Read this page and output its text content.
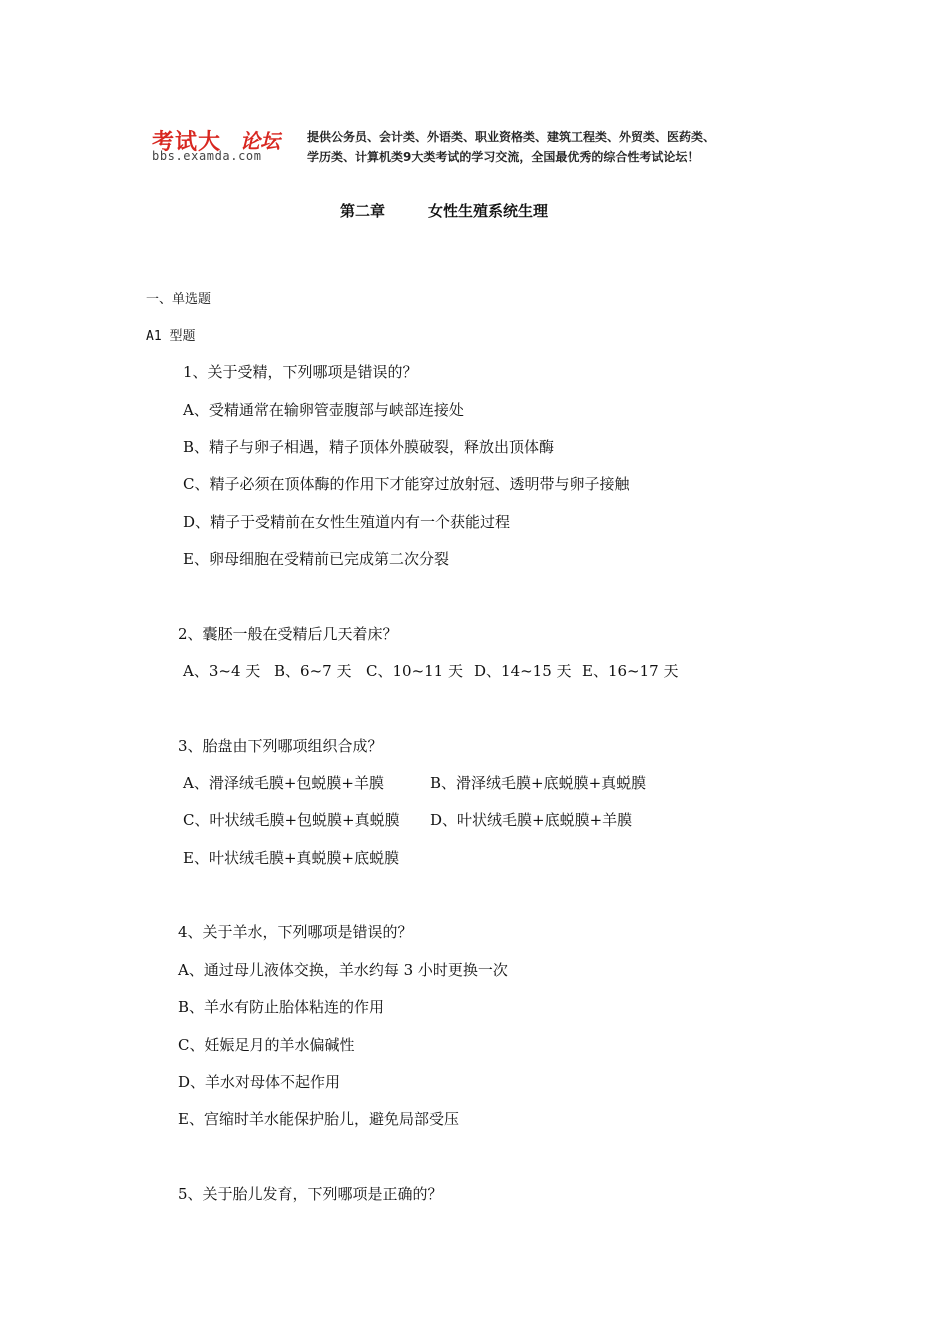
考试大 论坛
bbs.examda.com
提供公务员、会计类、外语类、职业资格类、建筑工程类、外贸类、医药类、
学历类、计算机类9大类考试的学习交流，全国最优秀的综合性考试论坛！
第二章	女性生殖系统生理
一、单选题
A1 型题
1、关于受精，下列哪项是错误的？
A、受精通常在输卵管壶腹部与峡部连接处
B、精子与卵子相遇，精子顶体外膜破裂，释放出顶体酶
C、精子必须在顶体酶的作用下才能穿过放射冠、透明带与卵子接触
D、精子于受精前在女性生殖道内有一个获能过程
E、卵母细胞在受精前已完成第二次分裂
2、囊胚一般在受精后几天着床？
A、3~4 天 B、6~7 天 C、10~11 天 D、14~15 天 E、16~17 天
3、胎盘由下列哪项组织合成？
A、滑泽绒毛膜+包蜕膜+羊膜	B、滑泽绒毛膜+底蜕膜+真蜕膜
C、叶状绒毛膜+包蜕膜+真蜕膜 D、叶状绒毛膜+底蜕膜+羊膜
E、叶状绒毛膜+真蜕膜+底蜕膜
4、关于羊水，下列哪项是错误的？
A、通过母儿液体交换，羊水约每 3 小时更换一次
B、羊水有防止胎体粘连的作用
C、妊娠足月的羊水偏碱性
D、羊水对母体不起作用
E、宫缩时羊水能保护胎儿，避免局部受压
5、关于胎儿发育，下列哪项是正确的？
